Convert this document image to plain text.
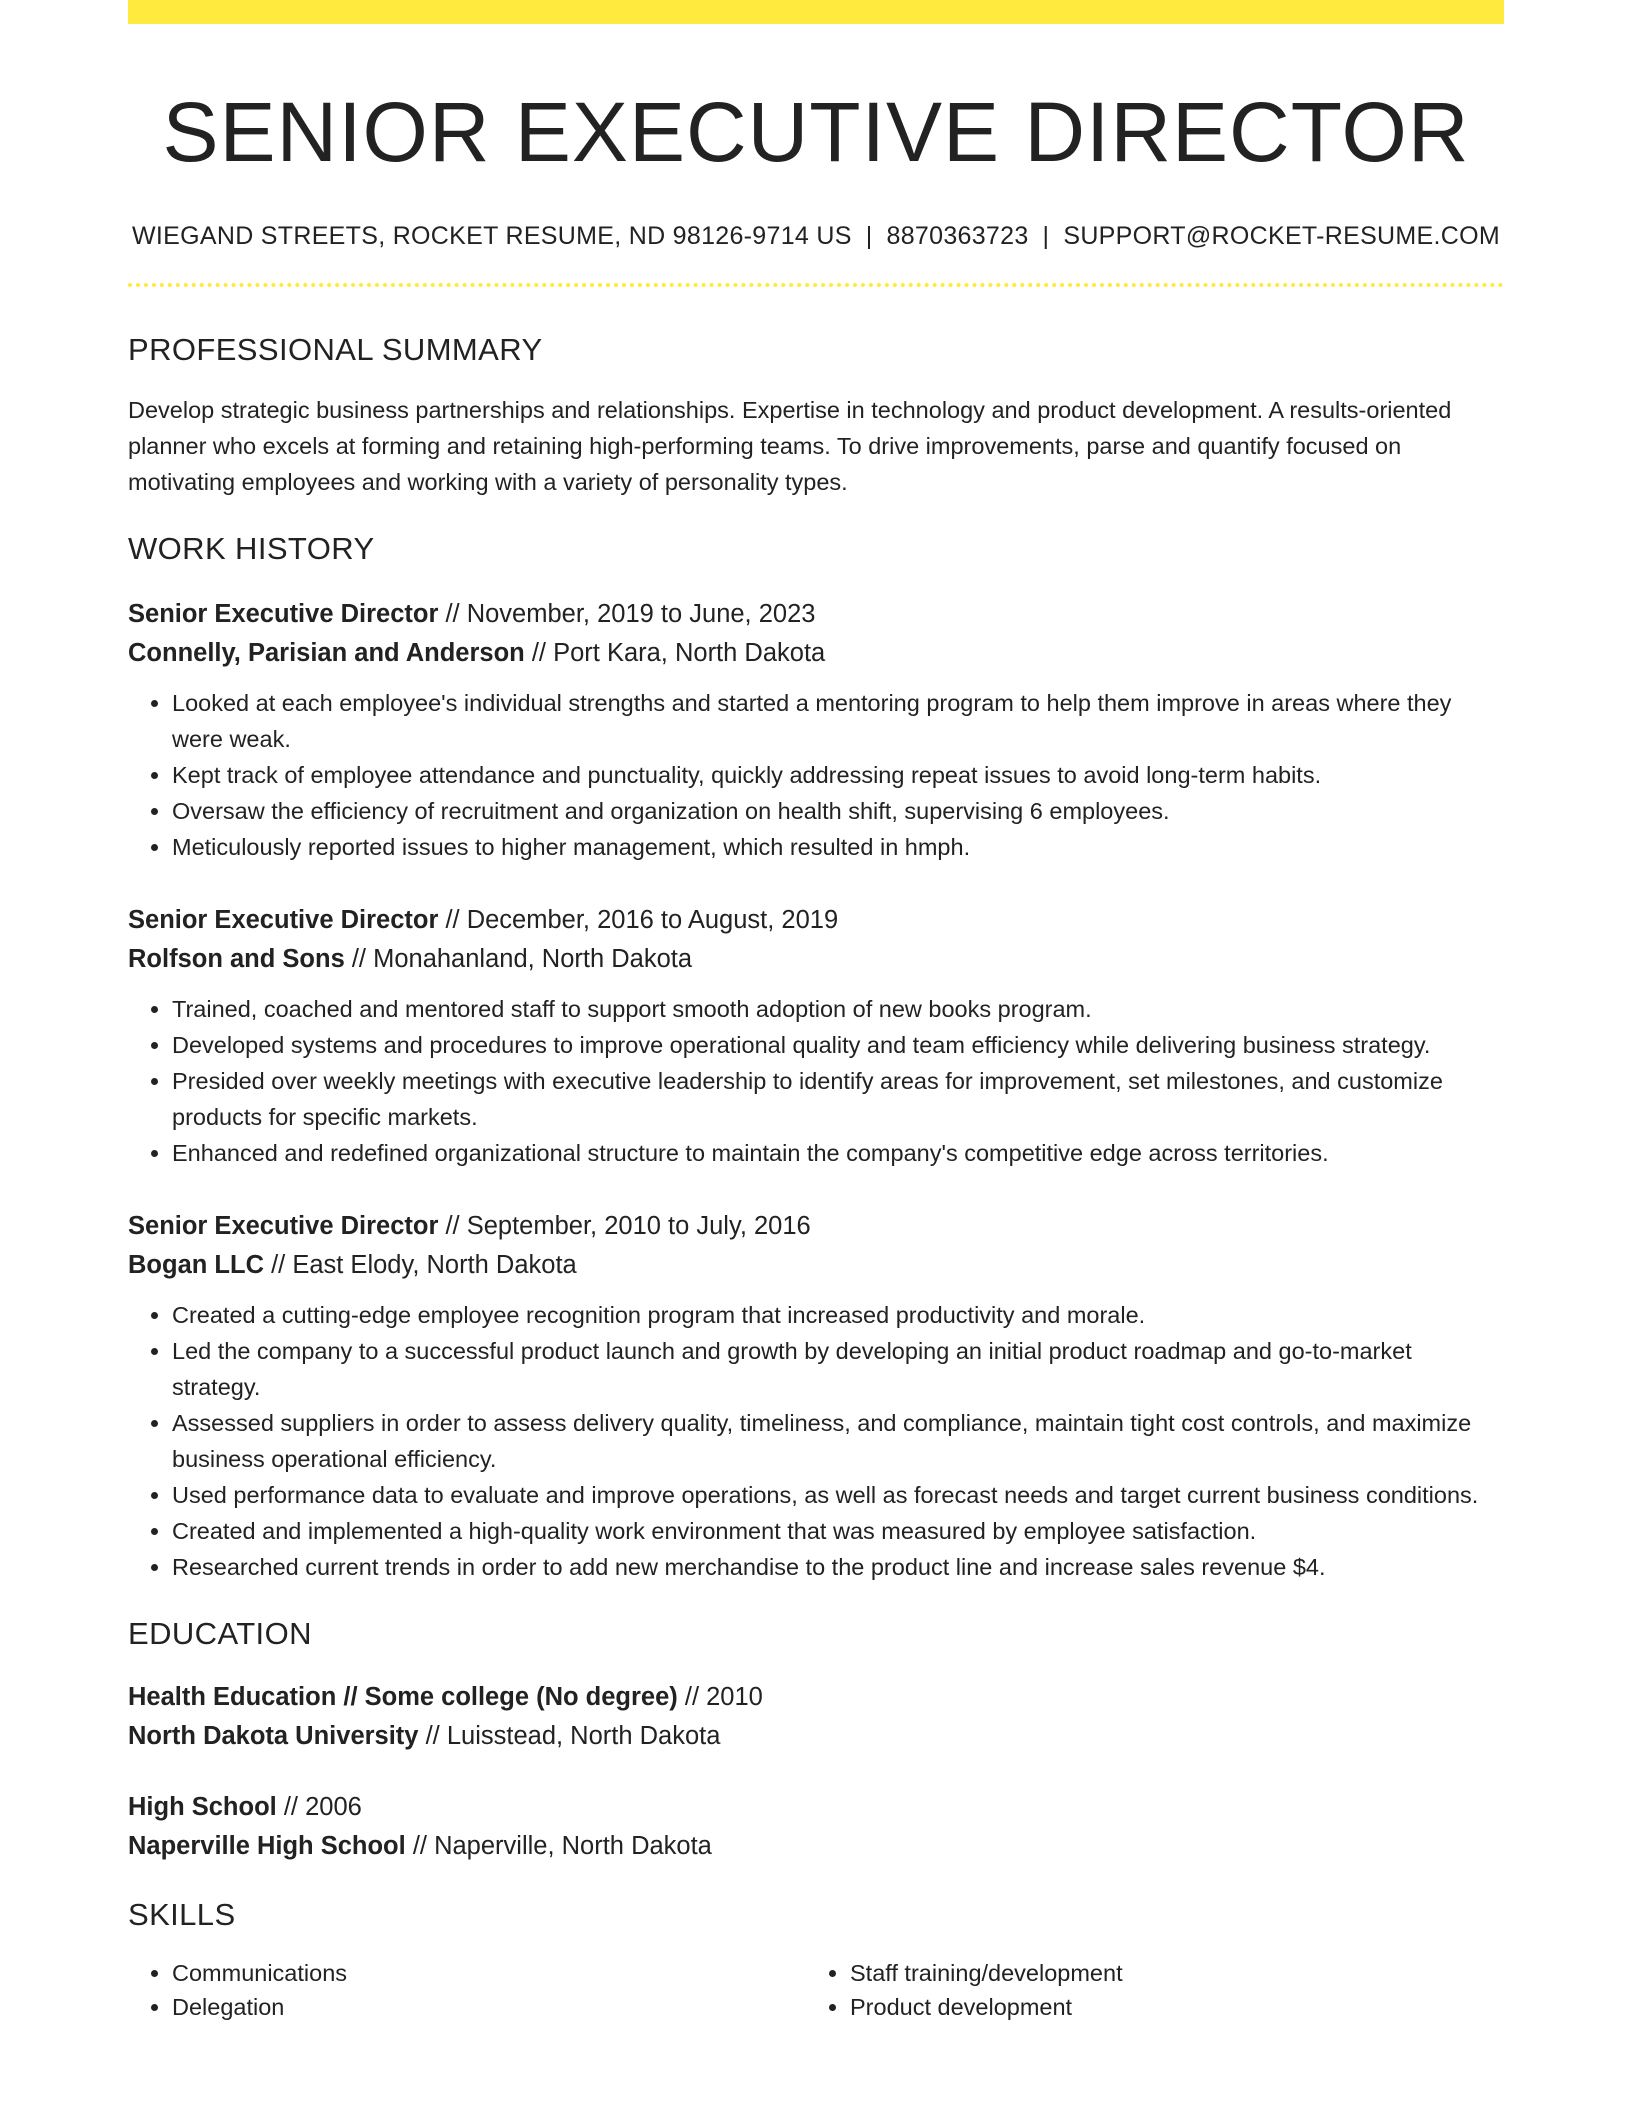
SENIOR EXECUTIVE DIRECTOR
WIEGAND STREETS, ROCKET RESUME, ND 98126-9714 US | 8870363723 | SUPPORT@ROCKET-RESUME.COM
PROFESSIONAL SUMMARY
Develop strategic business partnerships and relationships. Expertise in technology and product development. A results-oriented planner who excels at forming and retaining high-performing teams. To drive improvements, parse and quantify focused on motivating employees and working with a variety of personality types.
WORK HISTORY
Senior Executive Director // November, 2019 to June, 2023
Connelly, Parisian and Anderson // Port Kara, North Dakota
• Looked at each employee's individual strengths and started a mentoring program to help them improve in areas where they were weak.
• Kept track of employee attendance and punctuality, quickly addressing repeat issues to avoid long-term habits.
• Oversaw the efficiency of recruitment and organization on health shift, supervising 6 employees.
• Meticulously reported issues to higher management, which resulted in hmph.
Senior Executive Director // December, 2016 to August, 2019
Rolfson and Sons // Monahanland, North Dakota
• Trained, coached and mentored staff to support smooth adoption of new books program.
• Developed systems and procedures to improve operational quality and team efficiency while delivering business strategy.
• Presided over weekly meetings with executive leadership to identify areas for improvement, set milestones, and customize products for specific markets.
• Enhanced and redefined organizational structure to maintain the company's competitive edge across territories.
Senior Executive Director // September, 2010 to July, 2016
Bogan LLC // East Elody, North Dakota
• Created a cutting-edge employee recognition program that increased productivity and morale.
• Led the company to a successful product launch and growth by developing an initial product roadmap and go-to-market strategy.
• Assessed suppliers in order to assess delivery quality, timeliness, and compliance, maintain tight cost controls, and maximize business operational efficiency.
• Used performance data to evaluate and improve operations, as well as forecast needs and target current business conditions.
• Created and implemented a high-quality work environment that was measured by employee satisfaction.
• Researched current trends in order to add new merchandise to the product line and increase sales revenue $4.
EDUCATION
Health Education // Some college (No degree) // 2010
North Dakota University // Luisstead, North Dakota
High School // 2006
Naperville High School // Naperville, North Dakota
SKILLS
• Communications
• Delegation
• Staff training/development
• Product development
